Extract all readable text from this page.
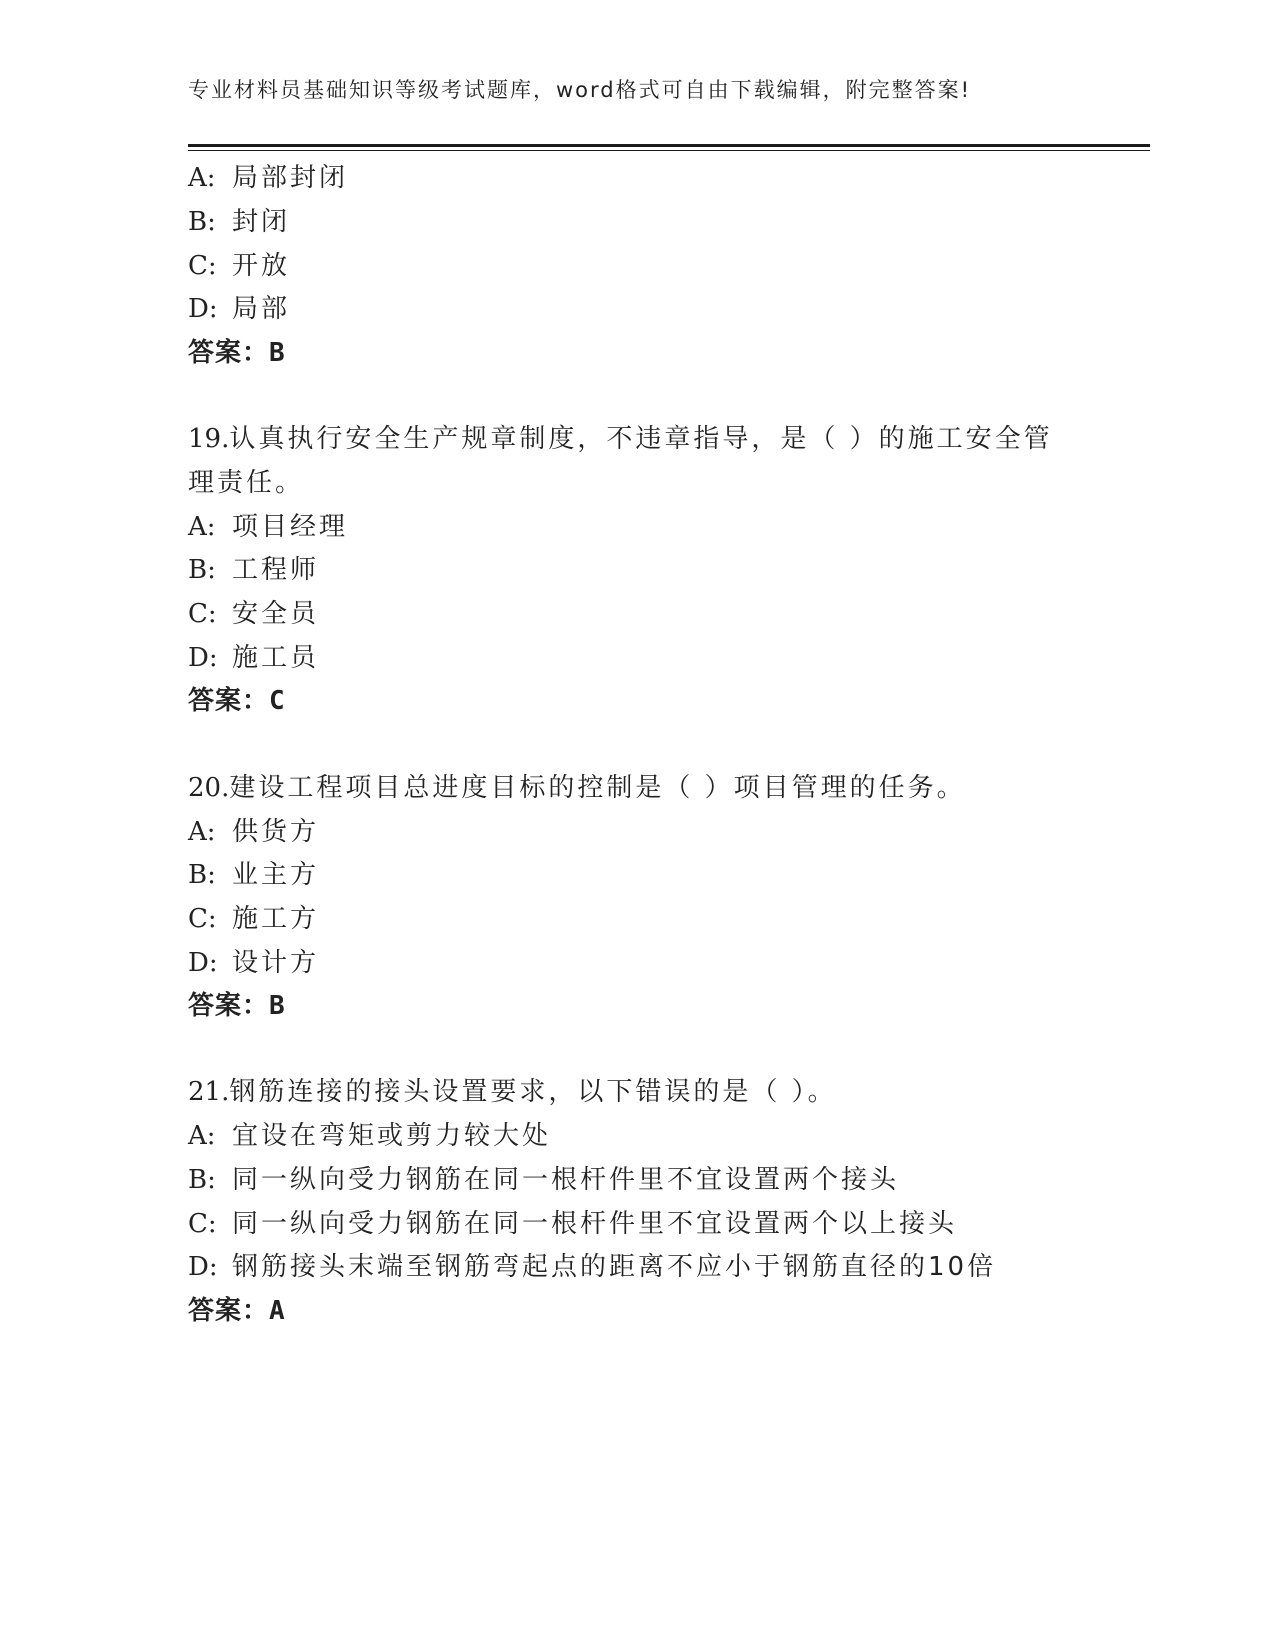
专业材料员基础知识等级考试题库，word格式可自由下载编辑，附完整答案!
A: 局部封闭
B: 封闭
C: 开放
D: 局部
答案：B
19.认真执行安全生产规章制度，不违章指导，是（ ）的施工安全管
理责任。
A: 项目经理
B: 工程师
C: 安全员
D: 施工员
答案：C
20.建设工程项目总进度目标的控制是（ ）项目管理的任务。
A: 供货方
B: 业主方
C: 施工方
D: 设计方
答案：B
21.钢筋连接的接头设置要求，以下错误的是（ ）。
A: 宜设在弯矩或剪力较大处
B: 同一纵向受力钢筋在同一根杆件里不宜设置两个接头
C: 同一纵向受力钢筋在同一根杆件里不宜设置两个以上接头
D: 钢筋接头末端至钢筋弯起点的距离不应小于钢筋直径的10倍
答案：A
